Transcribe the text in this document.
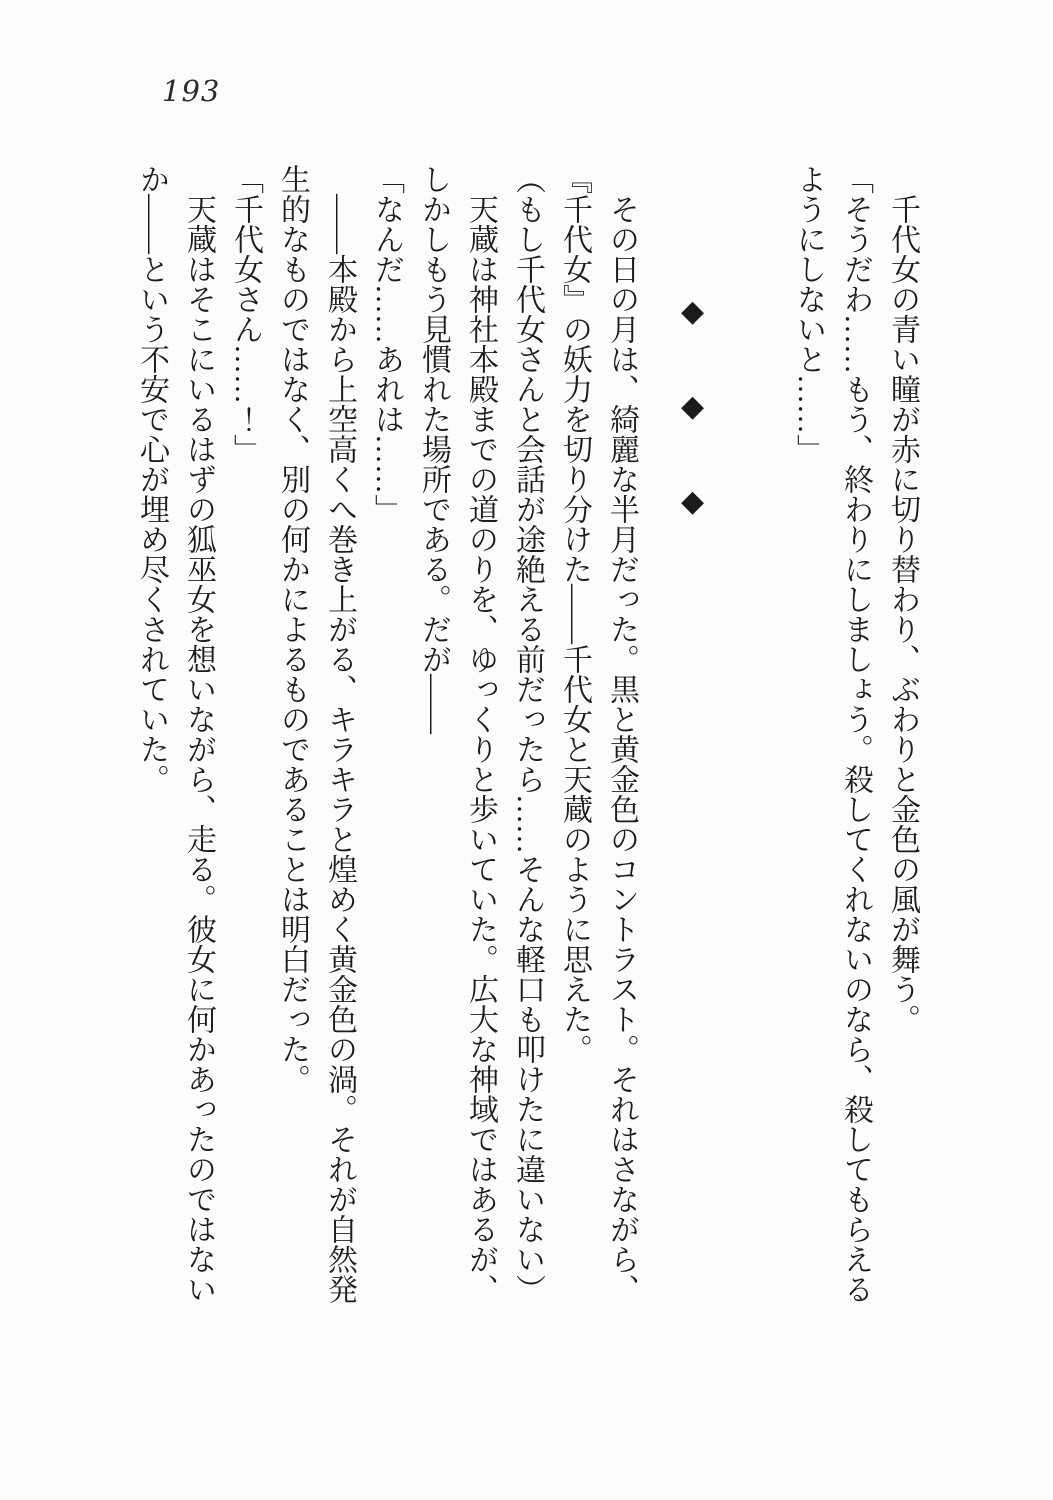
193

　千代女の青い瞳が赤に切り替わり、ぶわりと金色の風が舞う。

「そうだわ……もう、終わりにしましょう。殺してくれないのなら、殺してもらえるようにしないと……」

◆　　◆　　◆

　その日の月は、綺麗な半月だった。黒と黄金色のコントラスト。それはさながら、『千代女』の妖力を切り分けた――千代女と天蔵のように思えた。

（もし千代女さんと会話が途絶える前だったら……そんな軽口も叩けたに違いない）

　天蔵は神社本殿までの道のりを、ゆっくりと歩いていた。広大な神域ではあるが、しかしもう見慣れた場所である。だが――

「なんだ……あれは……」

　――本殿から上空高くへ巻き上がる、キラキラと煌めく黄金色の渦。それが自然発生的なものではなく、別の何かによるものであることは明白だった。

「千代女さん……！」

　天蔵はそこにいるはずの狐巫女を想いながら、走る。彼女に何かあったのではないか――という不安で心が埋め尽くされていた。
